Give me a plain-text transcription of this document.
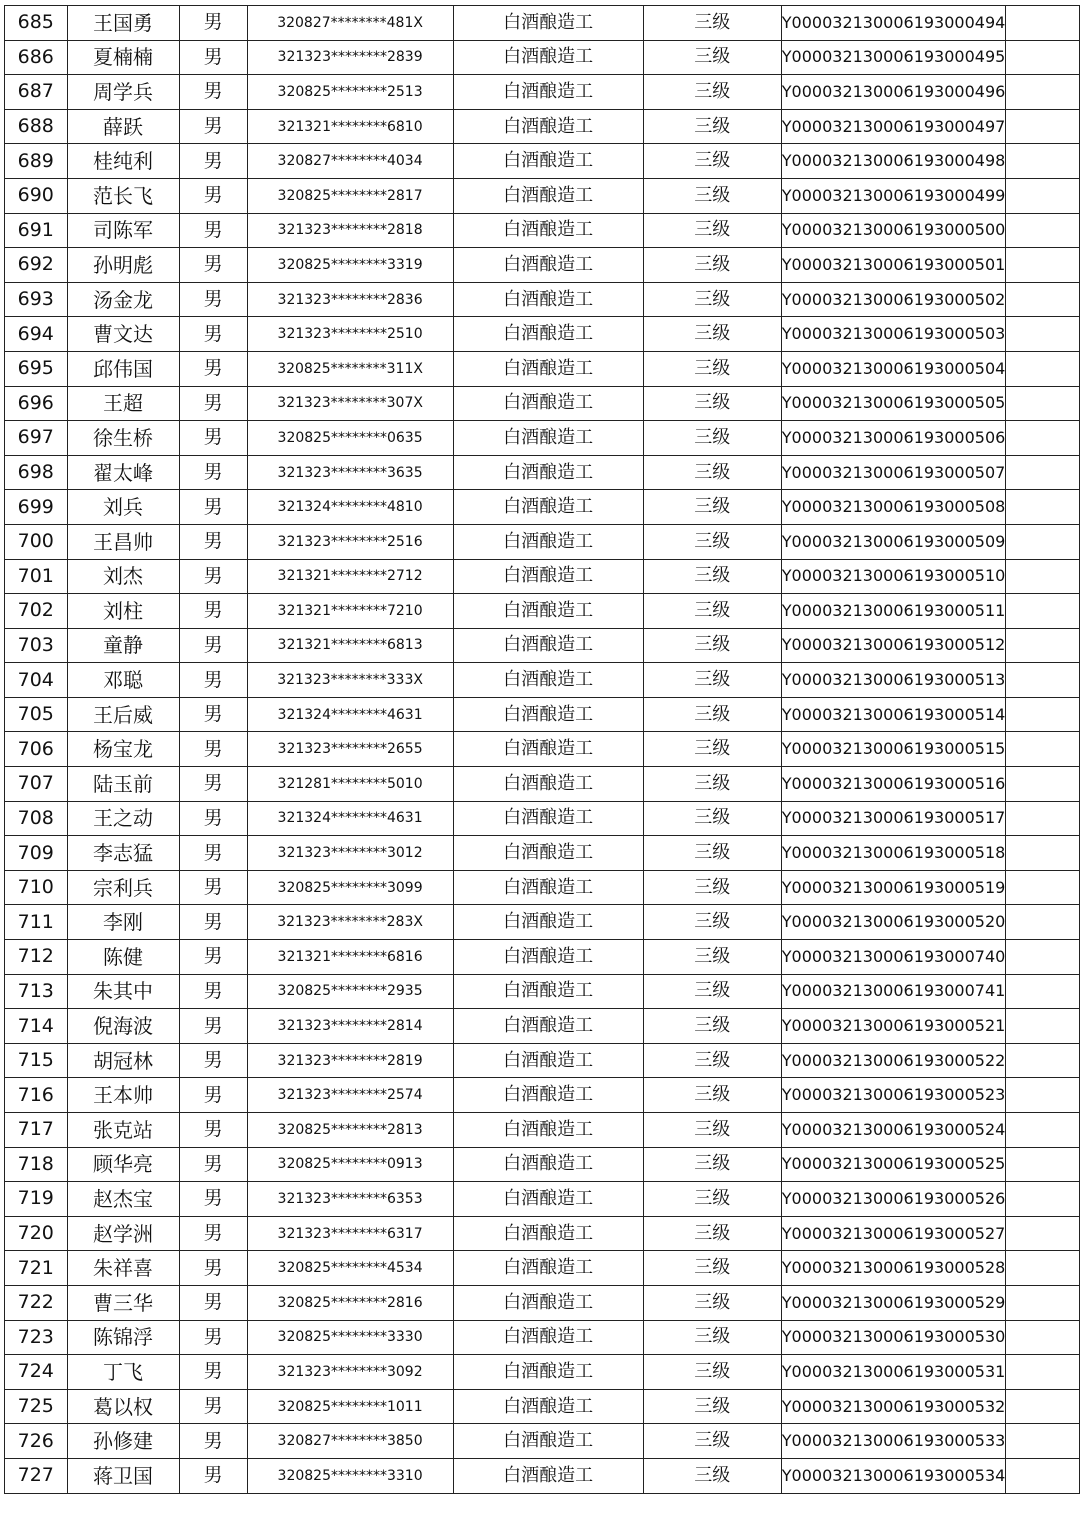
685	王国勇	男	320827********481X	白酒酿造工	三级	Y000032130006193000494	
686	夏楠楠	男	321323********2839	白酒酿造工	三级	Y000032130006193000495	
687	周学兵	男	320825********2513	白酒酿造工	三级	Y000032130006193000496	
688	薛跃	男	321321********6810	白酒酿造工	三级	Y000032130006193000497	
689	桂纯利	男	320827********4034	白酒酿造工	三级	Y000032130006193000498	
690	范长飞	男	320825********2817	白酒酿造工	三级	Y000032130006193000499	
691	司陈军	男	321323********2818	白酒酿造工	三级	Y000032130006193000500	
692	孙明彪	男	320825********3319	白酒酿造工	三级	Y000032130006193000501	
693	汤金龙	男	321323********2836	白酒酿造工	三级	Y000032130006193000502	
694	曹文达	男	321323********2510	白酒酿造工	三级	Y000032130006193000503	
695	邱伟国	男	320825********311X	白酒酿造工	三级	Y000032130006193000504	
696	王超	男	321323********307X	白酒酿造工	三级	Y000032130006193000505	
697	徐生桥	男	320825********0635	白酒酿造工	三级	Y000032130006193000506	
698	翟太峰	男	321323********3635	白酒酿造工	三级	Y000032130006193000507	
699	刘兵	男	321324********4810	白酒酿造工	三级	Y000032130006193000508	
700	王昌帅	男	321323********2516	白酒酿造工	三级	Y000032130006193000509	
701	刘杰	男	321321********2712	白酒酿造工	三级	Y000032130006193000510	
702	刘柱	男	321321********7210	白酒酿造工	三级	Y000032130006193000511	
703	童静	男	321321********6813	白酒酿造工	三级	Y000032130006193000512	
704	邓聪	男	321323********333X	白酒酿造工	三级	Y000032130006193000513	
705	王后威	男	321324********4631	白酒酿造工	三级	Y000032130006193000514	
706	杨宝龙	男	321323********2655	白酒酿造工	三级	Y000032130006193000515	
707	陆玉前	男	321281********5010	白酒酿造工	三级	Y000032130006193000516	
708	王之动	男	321324********4631	白酒酿造工	三级	Y000032130006193000517	
709	李志猛	男	321323********3012	白酒酿造工	三级	Y000032130006193000518	
710	宗利兵	男	320825********3099	白酒酿造工	三级	Y000032130006193000519	
711	李刚	男	321323********283X	白酒酿造工	三级	Y000032130006193000520	
712	陈健	男	321321********6816	白酒酿造工	三级	Y000032130006193000740	
713	朱其中	男	320825********2935	白酒酿造工	三级	Y000032130006193000741	
714	倪海波	男	321323********2814	白酒酿造工	三级	Y000032130006193000521	
715	胡冠林	男	321323********2819	白酒酿造工	三级	Y000032130006193000522	
716	王本帅	男	321323********2574	白酒酿造工	三级	Y000032130006193000523	
717	张克站	男	320825********2813	白酒酿造工	三级	Y000032130006193000524	
718	顾华亮	男	320825********0913	白酒酿造工	三级	Y000032130006193000525	
719	赵杰宝	男	321323********6353	白酒酿造工	三级	Y000032130006193000526	
720	赵学洲	男	321323********6317	白酒酿造工	三级	Y000032130006193000527	
721	朱祥喜	男	320825********4534	白酒酿造工	三级	Y000032130006193000528	
722	曹三华	男	320825********2816	白酒酿造工	三级	Y000032130006193000529	
723	陈锦浮	男	320825********3330	白酒酿造工	三级	Y000032130006193000530	
724	丁飞	男	321323********3092	白酒酿造工	三级	Y000032130006193000531	
725	葛以权	男	320825********1011	白酒酿造工	三级	Y000032130006193000532	
726	孙修建	男	320827********3850	白酒酿造工	三级	Y000032130006193000533	
727	蒋卫国	男	320825********3310	白酒酿造工	三级	Y000032130006193000534	
